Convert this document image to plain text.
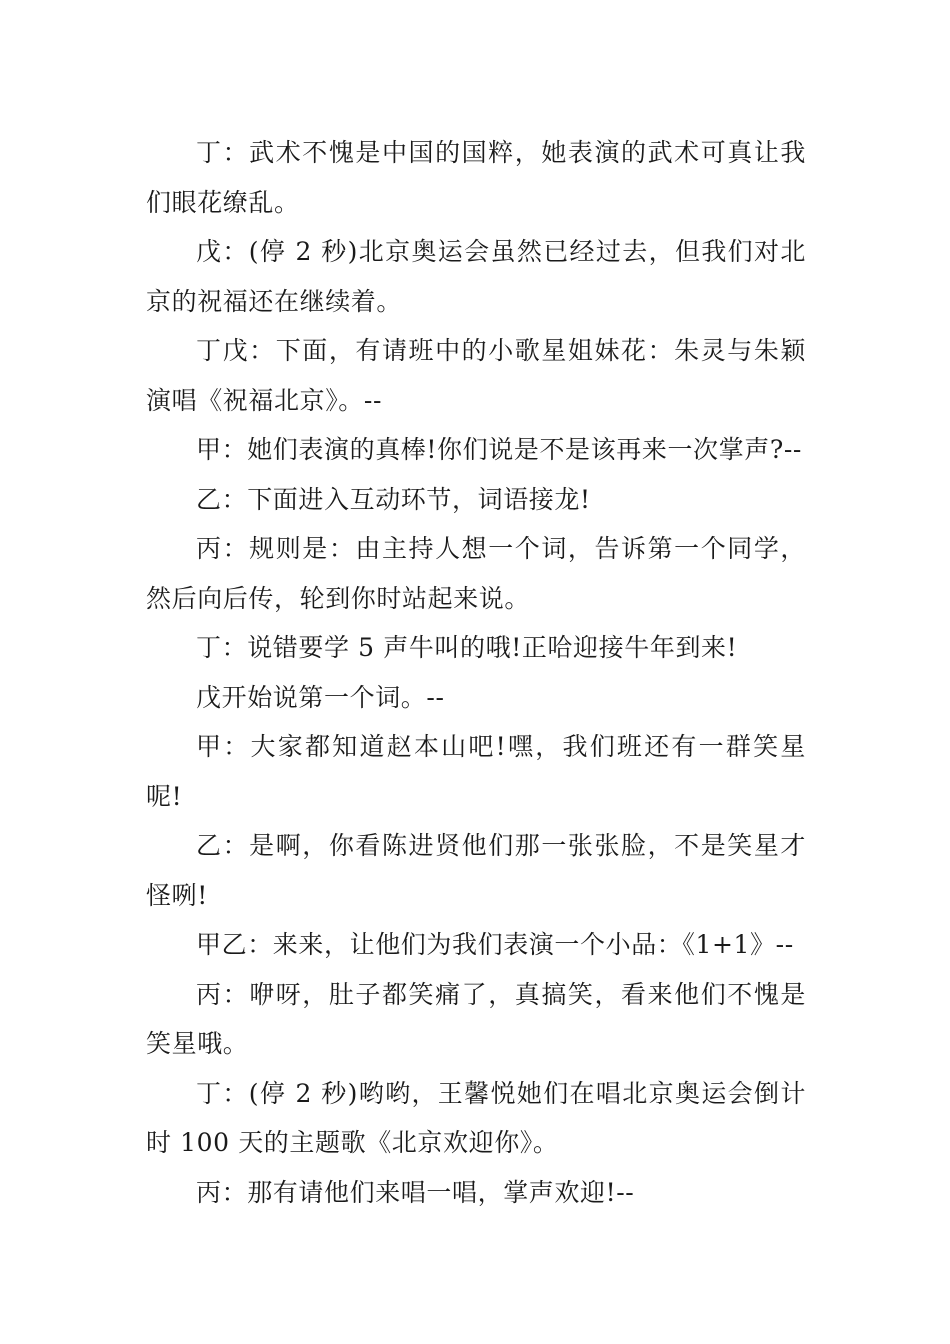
丁：武术不愧是中国的国粹，她表演的武术可真让我们眼花缭乱。

戊：(停 2 秒)北京奥运会虽然已经过去，但我们对北京的祝福还在继续着。

丁戊：下面，有请班中的小歌星姐妹花：朱灵与朱颖演唱《祝福北京》。--

甲：她们表演的真棒!你们说是不是该再来一次掌声?--

乙：下面进入互动环节，词语接龙!

丙：规则是：由主持人想一个词，告诉第一个同学，然后向后传，轮到你时站起来说。

丁：说错要学 5 声牛叫的哦!正哈迎接牛年到来!

戊开始说第一个词。--

甲：大家都知道赵本山吧!嘿，我们班还有一群笑星呢!

乙：是啊，你看陈进贤他们那一张张脸，不是笑星才怪咧!

甲乙：来来，让他们为我们表演一个小品：《1+1》--

丙：咿呀，肚子都笑痛了，真搞笑，看来他们不愧是笑星哦。

丁：(停 2 秒)哟哟，王馨悦她们在唱北京奥运会倒计时 100 天的主题歌《北京欢迎你》。

丙：那有请他们来唱一唱，掌声欢迎!--
